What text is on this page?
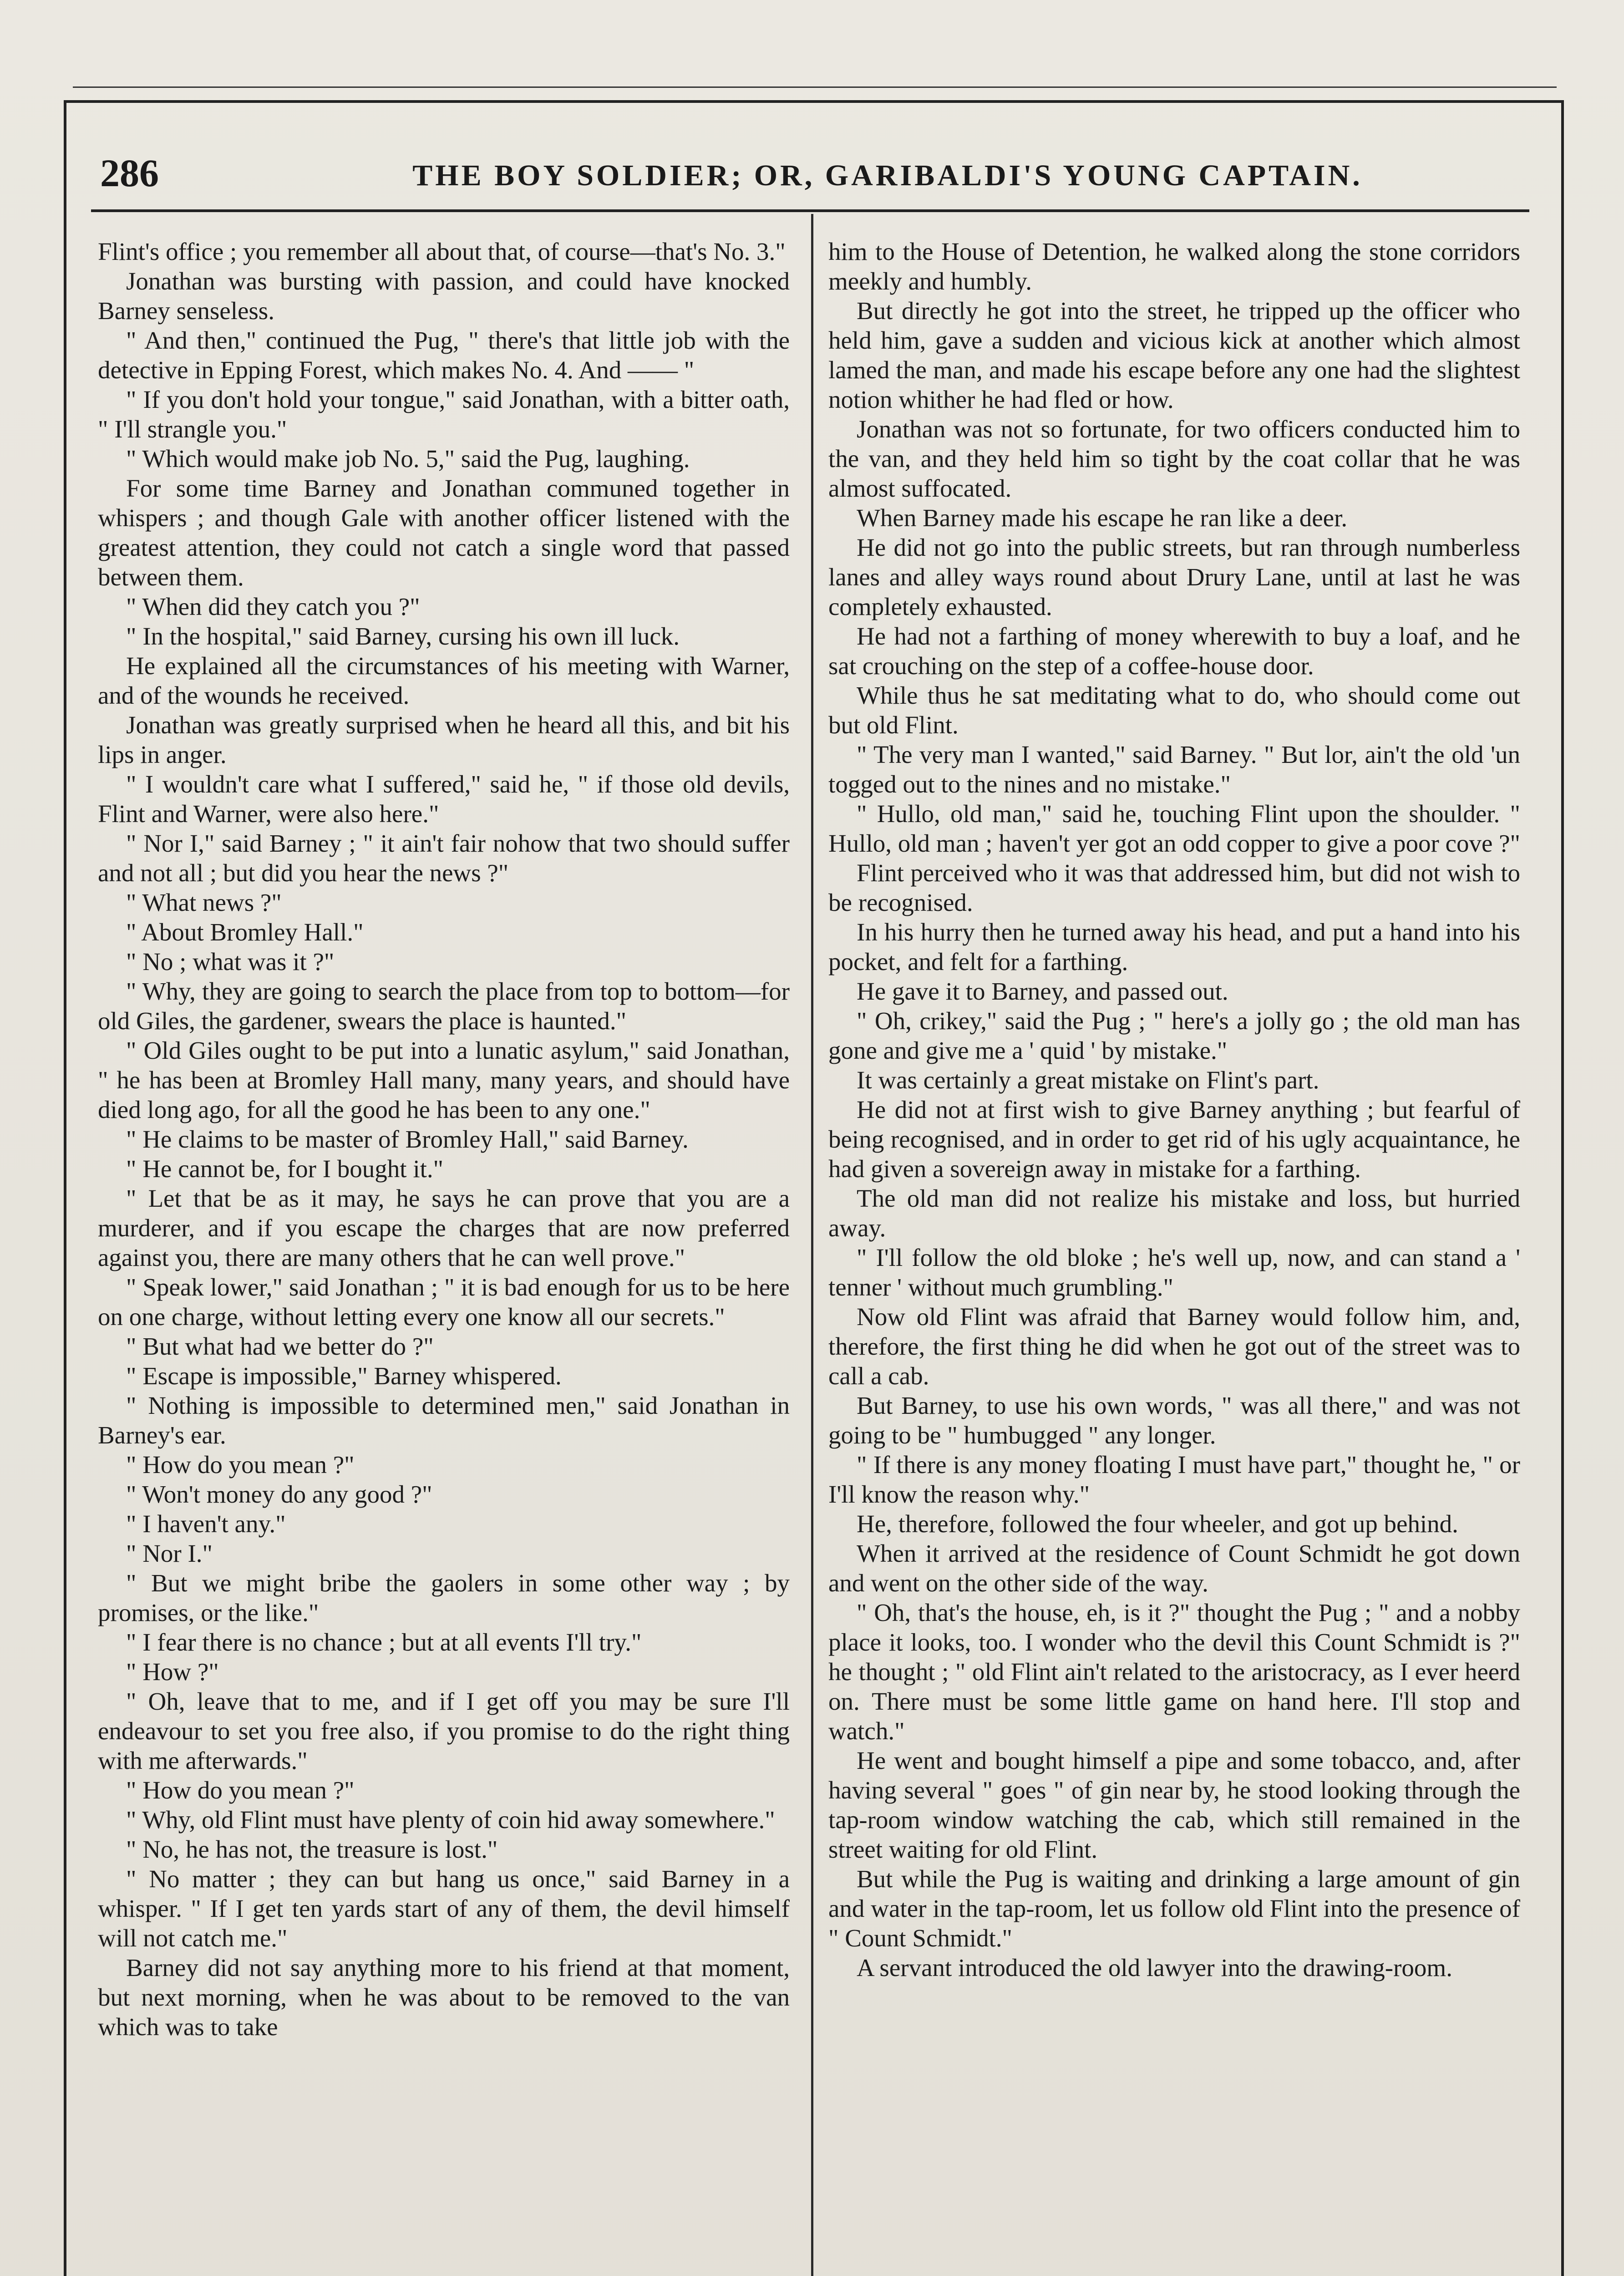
286	THE BOY SOLDIER; OR, GARIBALDI'S YOUNG CAPTAIN.

Flint's office ; you remember all about that, of course—that's No. 3."

Jonathan was bursting with passion, and could have knocked Barney senseless.

" And then," continued the Pug, " there's that little job with the detective in Epping Forest, which makes No. 4. And —— "

" If you don't hold your tongue," said Jonathan, with a bitter oath, " I'll strangle you."

" Which would make job No. 5," said the Pug, laughing.

For some time Barney and Jonathan communed together in whispers ; and though Gale with another officer listened with the greatest attention, they could not catch a single word that passed between them.

" When did they catch you ?"

" In the hospital," said Barney, cursing his own ill luck.

He explained all the circumstances of his meeting with Warner, and of the wounds he received.

Jonathan was greatly surprised when he heard all this, and bit his lips in anger.

" I wouldn't care what I suffered," said he, " if those old devils, Flint and Warner, were also here."

" Nor I," said Barney ; " it ain't fair nohow that two should suffer and not all ; but did you hear the news ?"

" What news ?"

" About Bromley Hall."

" No ; what was it ?"

" Why, they are going to search the place from top to bottom—for old Giles, the gardener, swears the place is haunted."

" Old Giles ought to be put into a lunatic asylum," said Jonathan, " he has been at Bromley Hall many, many years, and should have died long ago, for all the good he has been to any one."

" He claims to be master of Bromley Hall," said Barney.

" He cannot be, for I bought it."

" Let that be as it may, he says he can prove that you are a murderer, and if you escape the charges that are now preferred against you, there are many others that he can well prove."

" Speak lower," said Jonathan ; " it is bad enough for us to be here on one charge, without letting every one know all our secrets."

" But what had we better do ?"

" Escape is impossible," Barney whispered.

" Nothing is impossible to determined men," said Jonathan in Barney's ear.

" How do you mean ?"

" Won't money do any good ?"

" I haven't any."

" Nor I."

" But we might bribe the gaolers in some other way ; by promises, or the like."

" I fear there is no chance ; but at all events I'll try."

" How ?"

" Oh, leave that to me, and if I get off you may be sure I'll endeavour to set you free also, if you promise to do the right thing with me afterwards."

" How do you mean ?"

" Why, old Flint must have plenty of coin hid away somewhere."

" No, he has not, the treasure is lost."

" No matter ; they can but hang us once," said Barney in a whisper. " If I get ten yards start of any of them, the devil himself will not catch me."

Barney did not say anything more to his friend at that moment, but next morning, when he was about to be removed to the van which was to take

him to the House of Detention, he walked along the stone corridors meekly and humbly.

But directly he got into the street, he tripped up the officer who held him, gave a sudden and vicious kick at another which almost lamed the man, and made his escape before any one had the slightest notion whither he had fled or how.

Jonathan was not so fortunate, for two officers conducted him to the van, and they held him so tight by the coat collar that he was almost suffocated.

When Barney made his escape he ran like a deer.

He did not go into the public streets, but ran through numberless lanes and alley ways round about Drury Lane, until at last he was completely exhausted.

He had not a farthing of money wherewith to buy a loaf, and he sat crouching on the step of a coffee-house door.

While thus he sat meditating what to do, who should come out but old Flint.

" The very man I wanted," said Barney. " But lor, ain't the old 'un togged out to the nines and no mistake."

" Hullo, old man," said he, touching Flint upon the shoulder. " Hullo, old man ; haven't yer got an odd copper to give a poor cove ?"

Flint perceived who it was that addressed him, but did not wish to be recognised.

In his hurry then he turned away his head, and put a hand into his pocket, and felt for a farthing.

He gave it to Barney, and passed out.

" Oh, crikey," said the Pug ; " here's a jolly go ; the old man has gone and give me a ' quid ' by mistake."

It was certainly a great mistake on Flint's part.

He did not at first wish to give Barney anything ; but fearful of being recognised, and in order to get rid of his ugly acquaintance, he had given a sovereign away in mistake for a farthing.

The old man did not realize his mistake and loss, but hurried away.

" I'll follow the old bloke ; he's well up, now, and can stand a ' tenner ' without much grumbling."

Now old Flint was afraid that Barney would follow him, and, therefore, the first thing he did when he got out of the street was to call a cab.

But Barney, to use his own words, " was all there," and was not going to be " humbugged " any longer.

" If there is any money floating I must have part," thought he, " or I'll know the reason why."

He, therefore, followed the four wheeler, and got up behind.

When it arrived at the residence of Count Schmidt he got down and went on the other side of the way.

" Oh, that's the house, eh, is it ?" thought the Pug ; " and a nobby place it looks, too. I wonder who the devil this Count Schmidt is ?" he thought ; " old Flint ain't related to the aristocracy, as I ever heerd on. There must be some little game on hand here. I'll stop and watch."

He went and bought himself a pipe and some tobacco, and, after having several " goes " of gin near by, he stood looking through the tap-room window watching the cab, which still remained in the street waiting for old Flint.

But while the Pug is waiting and drinking a large amount of gin and water in the tap-room, let us follow old Flint into the presence of " Count Schmidt."

A servant introduced the old lawyer into the drawing-room.
